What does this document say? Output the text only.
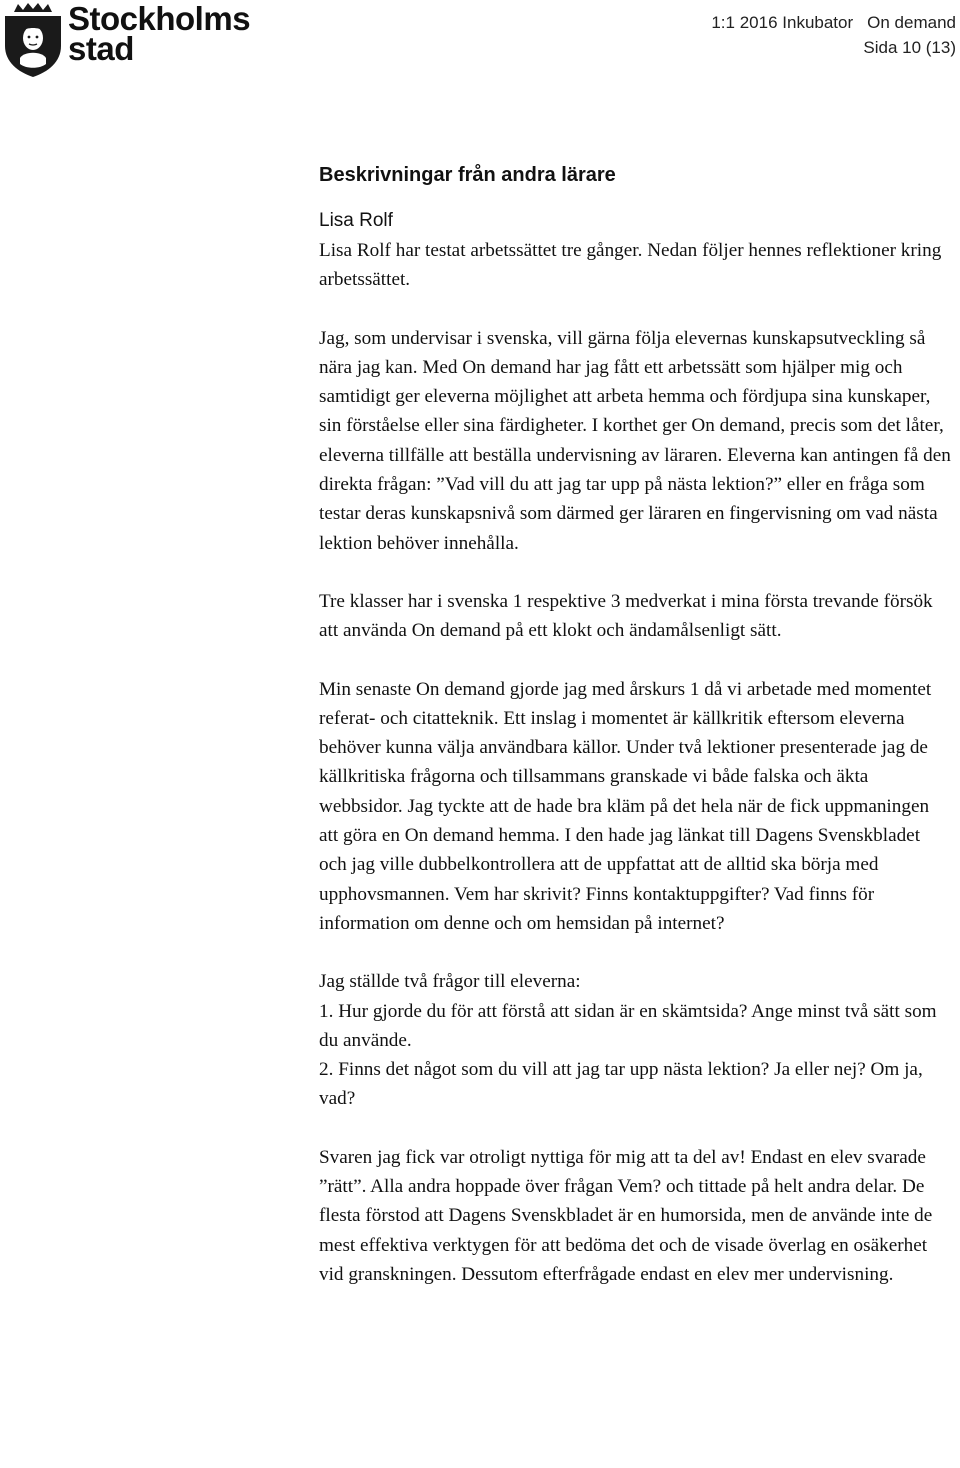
Stockholms
stad
1:1 2016 Inkubator On demand
Sida 10 (13)
Beskrivningar från andra lärare
Lisa Rolf

Lisa Rolf har testat arbetssättet tre gånger. Nedan följer hennes reflektioner kring arbetssättet.

Jag, som undervisar i svenska, vill gärna följa elevernas kunskapsutveckling så nära jag kan. Med On demand har jag fått ett arbetssätt som hjälper mig och samtidigt ger eleverna möjlighet att arbeta hemma och fördjupa sina kunskaper, sin förståelse eller sina färdigheter. I korthet ger On demand, precis som det låter, eleverna tillfälle att beställa undervisning av läraren. Eleverna kan antingen få den direkta frågan: ”Vad vill du att jag tar upp på nästa lektion?” eller en fråga som testar deras kunskapsnivå som därmed ger läraren en fingervisning om vad nästa lektion behöver innehålla.

Tre klasser har i svenska 1 respektive 3 medverkat i mina första trevande försök att använda On demand på ett klokt och ändamålsenligt sätt.

Min senaste On demand gjorde jag med årskurs 1 då vi arbetade med momentet referat- och citatteknik. Ett inslag i momentet är källkritik eftersom eleverna behöver kunna välja användbara källor. Under två lektioner presenterade jag de källkritiska frågorna och tillsammans granskade vi både falska och äkta webbsidor. Jag tyckte att de hade bra kläm på det hela när de fick uppmaningen att göra en On demand hemma. I den hade jag länkat till Dagens Svenskbladet och jag ville dubbelkontrollera att de uppfattat att de alltid ska börja med upphovsmannen. Vem har skrivit? Finns kontaktuppgifter? Vad finns för information om denne och om hemsidan på internet?

Jag ställde två frågor till eleverna:

1. Hur gjorde du för att förstå att sidan är en skämtsida? Ange minst två sätt som du använde.

2. Finns det något som du vill att jag tar upp nästa lektion? Ja eller nej? Om ja, vad?

Svaren jag fick var otroligt nyttiga för mig att ta del av! Endast en elev svarade ”rätt”. Alla andra hoppade över frågan Vem? och tittade på helt andra delar. De flesta förstod att Dagens Svenskbladet är en humorsida, men de använde inte de mest effektiva verktygen för att bedöma det och de visade överlag en osäkerhet vid granskningen. Dessutom efterfrågade endast en elev mer undervisning.
